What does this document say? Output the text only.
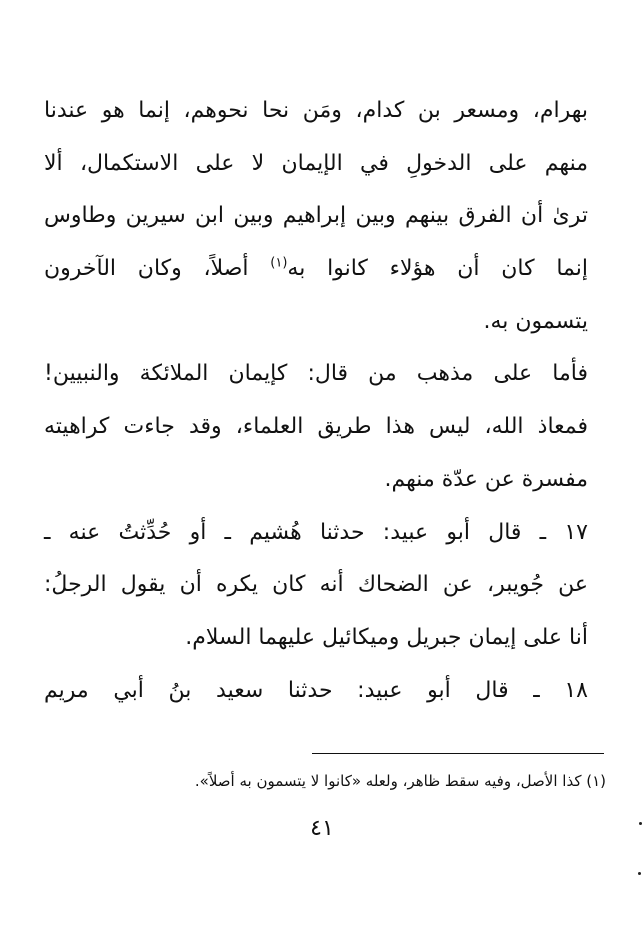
بهرام، ومسعر بن كدام، ومَن نحا نحوهم، إنما هو عندنا
منهم على الدخولِ في الإيمان لا على الاستكمال، ألا
ترىٰ أن الفرق بينهم وبين إبراهيم وبين ابن سيرين وطاوس
إنما كان أن هؤلاء كانوا به$^{(١)}$ أصلاً، وكان الآخرون
يتسمون به.
فأما على مذهب من قال: كإيمان الملائكة والنبيين!
فمعاذ الله، ليس هذا طريق العلماء، وقد جاءت كراهيته
مفسرة عن عدّة منهم.
١٧ ـ قال أبو عبيد: حدثنا هُشيم ـ أو حُدِّثتُ عنه ـ
عن جُويبر، عن الضحاك أنه كان يكره أن يقول الرجلُ:
أنا على إيمان جبريل وميكائيل عليهما السلام.
١٨ ـ قال أبو عبيد: حدثنا سعيد بنُ أبي مريم
(١) كذا الأصل، وفيه سقط ظاهر، ولعله «كانوا لا يتسمون به أصلاً».
٤١
